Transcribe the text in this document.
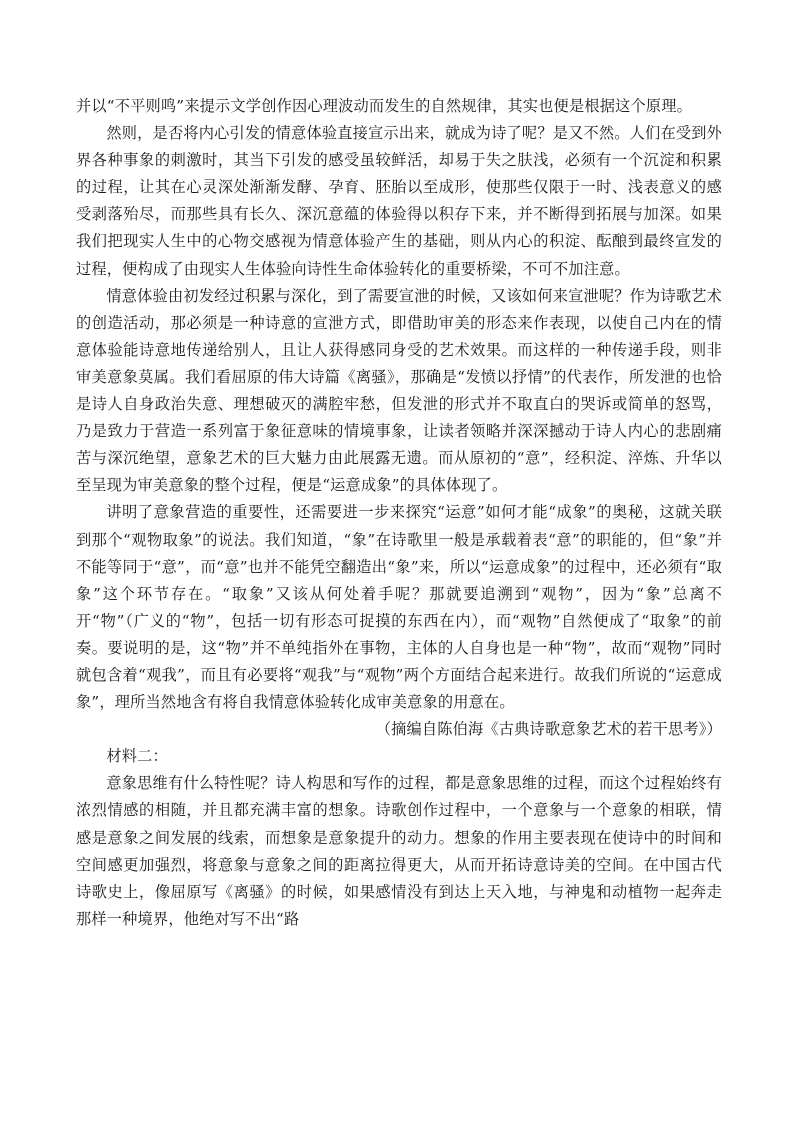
并以“不平则鸣”来提示文学创作因心理波动而发生的自然规律，其实也便是根据这个原理。

然则，是否将内心引发的情意体验直接宣示出来，就成为诗了呢？是又不然。人们在受到外界各种事象的刺激时，其当下引发的感受虽较鲜活，却易于失之肤浅，必须有一个沉淀和积累的过程，让其在心灵深处渐渐发酵、孕育、胚胎以至成形，使那些仅限于一时、浅表意义的感受剥落殆尽，而那些具有长久、深沉意蕴的体验得以积存下来，并不断得到拓展与加深。如果我们把现实人生中的心物交感视为情意体验产生的基础，则从内心的积淀、酝酿到最终宣发的过程，便构成了由现实人生体验向诗性生命体验转化的重要桥梁，不可不加注意。

情意体验由初发经过积累与深化，到了需要宣泄的时候，又该如何来宣泄呢？作为诗歌艺术的创造活动，那必须是一种诗意的宣泄方式，即借助审美的形态来作表现，以使自己内在的情意体验能诗意地传递给别人，且让人获得感同身受的艺术效果。而这样的一种传递手段，则非审美意象莫属。我们看屈原的伟大诗篇《离骚》，那确是“发愤以抒情”的代表作，所发泄的也恰是诗人自身政治失意、理想破灭的满腔牢愁，但发泄的形式并不取直白的哭诉或简单的怒骂，乃是致力于营造一系列富于象征意味的情境事象，让读者领略并深深撼动于诗人内心的悲剧痛苦与深沉绝望，意象艺术的巨大魅力由此展露无遗。而从原初的“意”，经积淀、淬炼、升华以至呈现为审美意象的整个过程，便是“运意成象”的具体体现了。

讲明了意象营造的重要性，还需要进一步来探究“运意”如何才能“成象”的奥秘，这就关联到那个“观物取象”的说法。我们知道，“象”在诗歌里一般是承载着表“意”的职能的，但“象”并不能等同于“意”，而“意”也并不能凭空翻造出“象”来，所以“运意成象”的过程中，还必须有“取象”这个环节存在。“取象”又该从何处着手呢？那就要追溯到“观物”，因为“象”总离不开“物”（广义的“物”，包括一切有形态可捉摸的东西在内），而“观物”自然便成了“取象”的前奏。要说明的是，这“物”并不单纯指外在事物，主体的人自身也是一种“物”，故而“观物”同时就包含着“观我”，而且有必要将“观我”与“观物”两个方面结合起来进行。故我们所说的“运意成象”，理所当然地含有将自我情意体验转化成审美意象的用意在。

（摘编自陈伯海《古典诗歌意象艺术的若干思考》）

材料二：

意象思维有什么特性呢？诗人构思和写作的过程，都是意象思维的过程，而这个过程始终有浓烈情感的相随，并且都充满丰富的想象。诗歌创作过程中，一个意象与一个意象的相联，情感是意象之间发展的线索，而想象是意象提升的动力。想象的作用主要表现在使诗中的时间和空间感更加强烈，将意象与意象之间的距离拉得更大，从而开拓诗意诗美的空间。在中国古代诗歌史上，像屈原写《离骚》的时候，如果感情没有到达上天入地，与神鬼和动植物一起奔走那样一种境界，他绝对写不出“路
